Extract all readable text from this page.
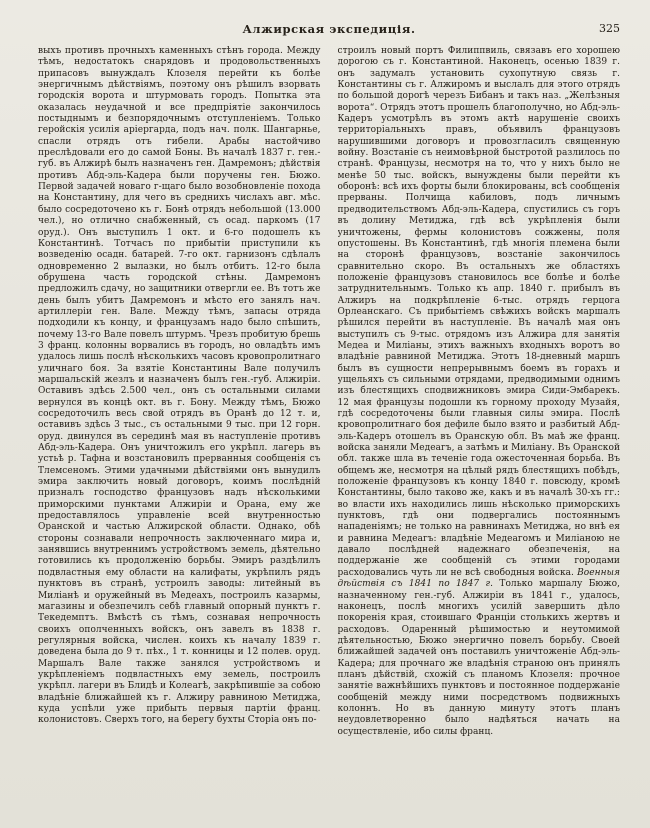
Алжирская экспедиція.	325
выхъ противъ прочныхъ каменныхъ стѣнъ города. Между тѣмъ, недостатокъ снарядовъ и продовольственныхъ припасовъ вынуждалъ Клозеля перейти къ болѣе энергичнымъ дѣйствіямъ, поэтому онъ рѣшилъ взорвать городскія ворота и штурмовать городъ. Попытка эта оказалась неудачной и все предпріятіе закончилось постыднымъ и безпорядочнымъ отступленіемъ. Только геройскія усилія аріергарда, подъ нач. полк. Шангарнье, спасли отрядъ отъ гибели. Арабы настойчиво преслѣдовали его до самой Боны. Въ началѣ 1837 г. ген.-губ. въ Алжирѣ былъ назначенъ ген. Дамремонъ; дѣйствія противъ Абд-эль-Кадера были поручены ген. Бюжо. Первой задачей новаго г-щаго было возобновленіе похода на Константину, для чего въ среднихъ числахъ авг. мѣс. было сосредоточено къ г. Бонѣ отрядъ небольшой (13.000 чел.), но отлично снабженный, съ осад. паркомъ (17 оруд.). Онъ выступилъ 1 окт. и 6-го подошелъ къ Константинѣ. Тотчасъ по прибытіи приступили къ возведенію осадн. батарей. 7-го окт. гарнизонъ сдѣлалъ одновременно 2 вылазки, но былъ отбитъ. 12-го была обрушена часть городской стѣны. Дамремонъ предложилъ сдачу, но защитники отвергли ее. Въ тотъ же день былъ убитъ Дамремонъ и мѣсто его занялъ нач. артиллеріи ген. Вале. Между тѣмъ, запасы отряда подходили къ концу, и французамъ надо было спѣшить, почему 13-го Вале повелъ штурмъ. Чрезъ пробитую брешь 3 франц. колонны ворвались въ городъ, но овладѣть имъ удалось лишь послѣ нѣсколькихъ часовъ кровопролитнаго уличнаго боя. За взятіе Константины Вале получилъ маршальскій жезлъ и назначенъ былъ ген.-губ. Алжиріи. Оставивъ здѣсь 2.500 чел., онъ съ остальными силами вернулся въ концѣ окт. въ г. Бону. Между тѣмъ, Бюжо сосредоточилъ весь свой отрядъ въ Оранѣ до 12 т. и, оставивъ здѣсь 3 тыс., съ остальными 9 тыс. при 12 горн. оруд. двинулся въ серединѣ мая въ наступленіе противъ Абд-эль-Кадера. Онъ уничтожилъ его укрѣпл. лагерь въ устьѣ р. Тафна и возстановилъ прерванныя сообщенія съ Тлемсеномъ. Этими удачными дѣйствіями онъ вынудилъ эмира заключить новый договоръ, коимъ послѣдній призналъ господство французовъ надъ нѣсколькими приморскими пунктами Алжиріи и Орана, ему же предоставлялось управленіе всей внутренностью Оранской и частью Алжирской области. Однако, обѣ стороны сознавали непрочность заключеннаго мира и, занявшись внутреннимъ устройствомъ земель, дѣятельно готовились къ продолженію борьбы. Эмиръ раздѣлилъ подвластныя ему области на калифаты, укрѣпилъ рядъ пунктовъ въ странѣ, устроилъ заводы: литейный въ Миліанѣ и оружейный въ Медеахъ, построилъ казармы, магазины и обезпечилъ себѣ главный опорный пунктъ г. Текедемптъ. Вмѣстѣ съ тѣмъ, сознавая непрочность своихъ ополченныхъ войскъ, онъ завелъ въ 1838 г. регулярныя войска, числен. коихъ къ началу 1839 г. доведена была до 9 т. пѣх., 1 т. конницы и 12 полев. оруд. Маршалъ Вале также занялся устройствомъ и укрѣпленіемъ подвластныхъ ему земель, построилъ укрѣпл. лагери въ Блидѣ и Колеагѣ, закрѣпившіе за собою владѣніе ближайшей къ г. Алжиру равниною Метиджа, куда успѣли уже прибыть первыя партіи франц. колонистовъ. Сверхъ того, на берегу бухты Сторіа онъ по-
строилъ новый портъ Филиппвиль, связавъ его хорошею дорогою съ г. Константиной. Наконецъ, осенью 1839 г. онъ задумалъ установить сухопутную связь г. Константины съ г. Алжиромъ и выслалъ для этого отрядъ по большой дорогѣ черезъ Бибанъ и такъ наз. „Желѣзныя ворота“. Отрядъ этотъ прошелъ благополучно, но Абд-эль-Кадеръ усмотрѣлъ въ этомъ актѣ нарушеніе своихъ территоріальныхъ правъ, объявилъ французовъ нарушившими договоръ и провозгласилъ священную войну. Возстаніе съ неимовѣрной быстротой разлилось по странѣ. Французы, несмотря на то, что у нихъ было не менѣе 50 тыс. войскъ, вынуждены были перейти къ оборонѣ: всѣ ихъ форты были блокированы, всѣ сообщенія прерваны. Полчища кабиловъ, подъ личнымъ предводительствомъ Абд-эль-Кадера, спустились съ горъ въ долину Метиджа, гдѣ всѣ укрѣпленія были уничтожены, фермы колонистовъ сожжены, поля опустошены. Въ Константинѣ, гдѣ многія племена были на сторонѣ французовъ, возстаніе закончилось сравнительно скоро. Въ остальныхъ же областяхъ положеніе французовъ становилось все болѣе и болѣе затруднительнымъ. Только къ апр. 1840 г. прибылъ въ Алжиръ на подкрѣпленіе 6-тыс. отрядъ герцога Орлеанскаго. Съ прибытіемъ свѣжихъ войскъ маршалъ рѣшился перейти въ наступленіе. Въ началѣ мая онъ выступилъ съ 9-тыс. отрядомъ изъ Алжира для занятія Медеа и Миліаны, этихъ важныхъ входныхъ воротъ во владѣніе равниной Метиджа. Этотъ 18-дневный маршъ былъ въ сущности непрерывнымъ боемъ въ горахъ и ущельяхъ съ сильными отрядами, предводимыми однимъ изъ блестящихъ сподвижниковъ эмира Сиди-Эмбарекъ. 12 мая французы подошли къ горному проходу Музайя, гдѣ сосредоточены были главныя силы эмира. Послѣ кровопролитнаго боя дефиле было взято и разбитый Абд-эль-Кадеръ отошелъ въ Оранскую обл. Въ маѣ же франц. войска заняли Медеагъ, а затѣмъ и Миліану. Въ Оранской обл. также шла въ теченіе года ожесточенная борьба. Въ общемъ же, несмотря на цѣлый рядъ блестящихъ побѣдъ, положеніе французовъ къ концу 1840 г. повсюду, кромѣ Константины, было таково же, какъ и въ началѣ 30-хъ гг.: во власти ихъ находились лишь нѣсколько приморскихъ пунктовъ, гдѣ они подвергались постояннымъ нападеніямъ; не только на равнинахъ Метиджа, но внѣ ея и равнина Медеагъ: владѣніе Медеагомъ и Миліаною не давало послѣдней надежнаго обезпеченія, на поддержаніе же сообщеній съ этими городами расходовались чуть ли не всѣ свободныя войска. Военныя дѣйствія съ 1841 по 1847 г. Только маршалу Бюжо, назначенному ген.-губ. Алжиріи въ 1841 г., удалось, наконецъ, послѣ многихъ усилій завершить дѣло покоренія края, стоившаго Франціи столькихъ жертвъ и расходовъ. Одаренный рѣшимостью и неутомимой дѣятельностью, Бюжо энергично повелъ борьбу. Своей ближайшей задачей онъ поставилъ уничтоженіе Абд-эль-Кадера; для прочнаго же владѣнія страною онъ принялъ планъ дѣйствій, схожій съ планомъ Клозеля: прочное занятіе важнѣйшихъ пунктовъ и постоянное поддержаніе сообщеній между ними посредствомъ подвижныхъ колоннъ. Но въ данную минуту этотъ планъ неудовлетворенно было надѣяться начать на осуществленіе, ибо силы франц.
